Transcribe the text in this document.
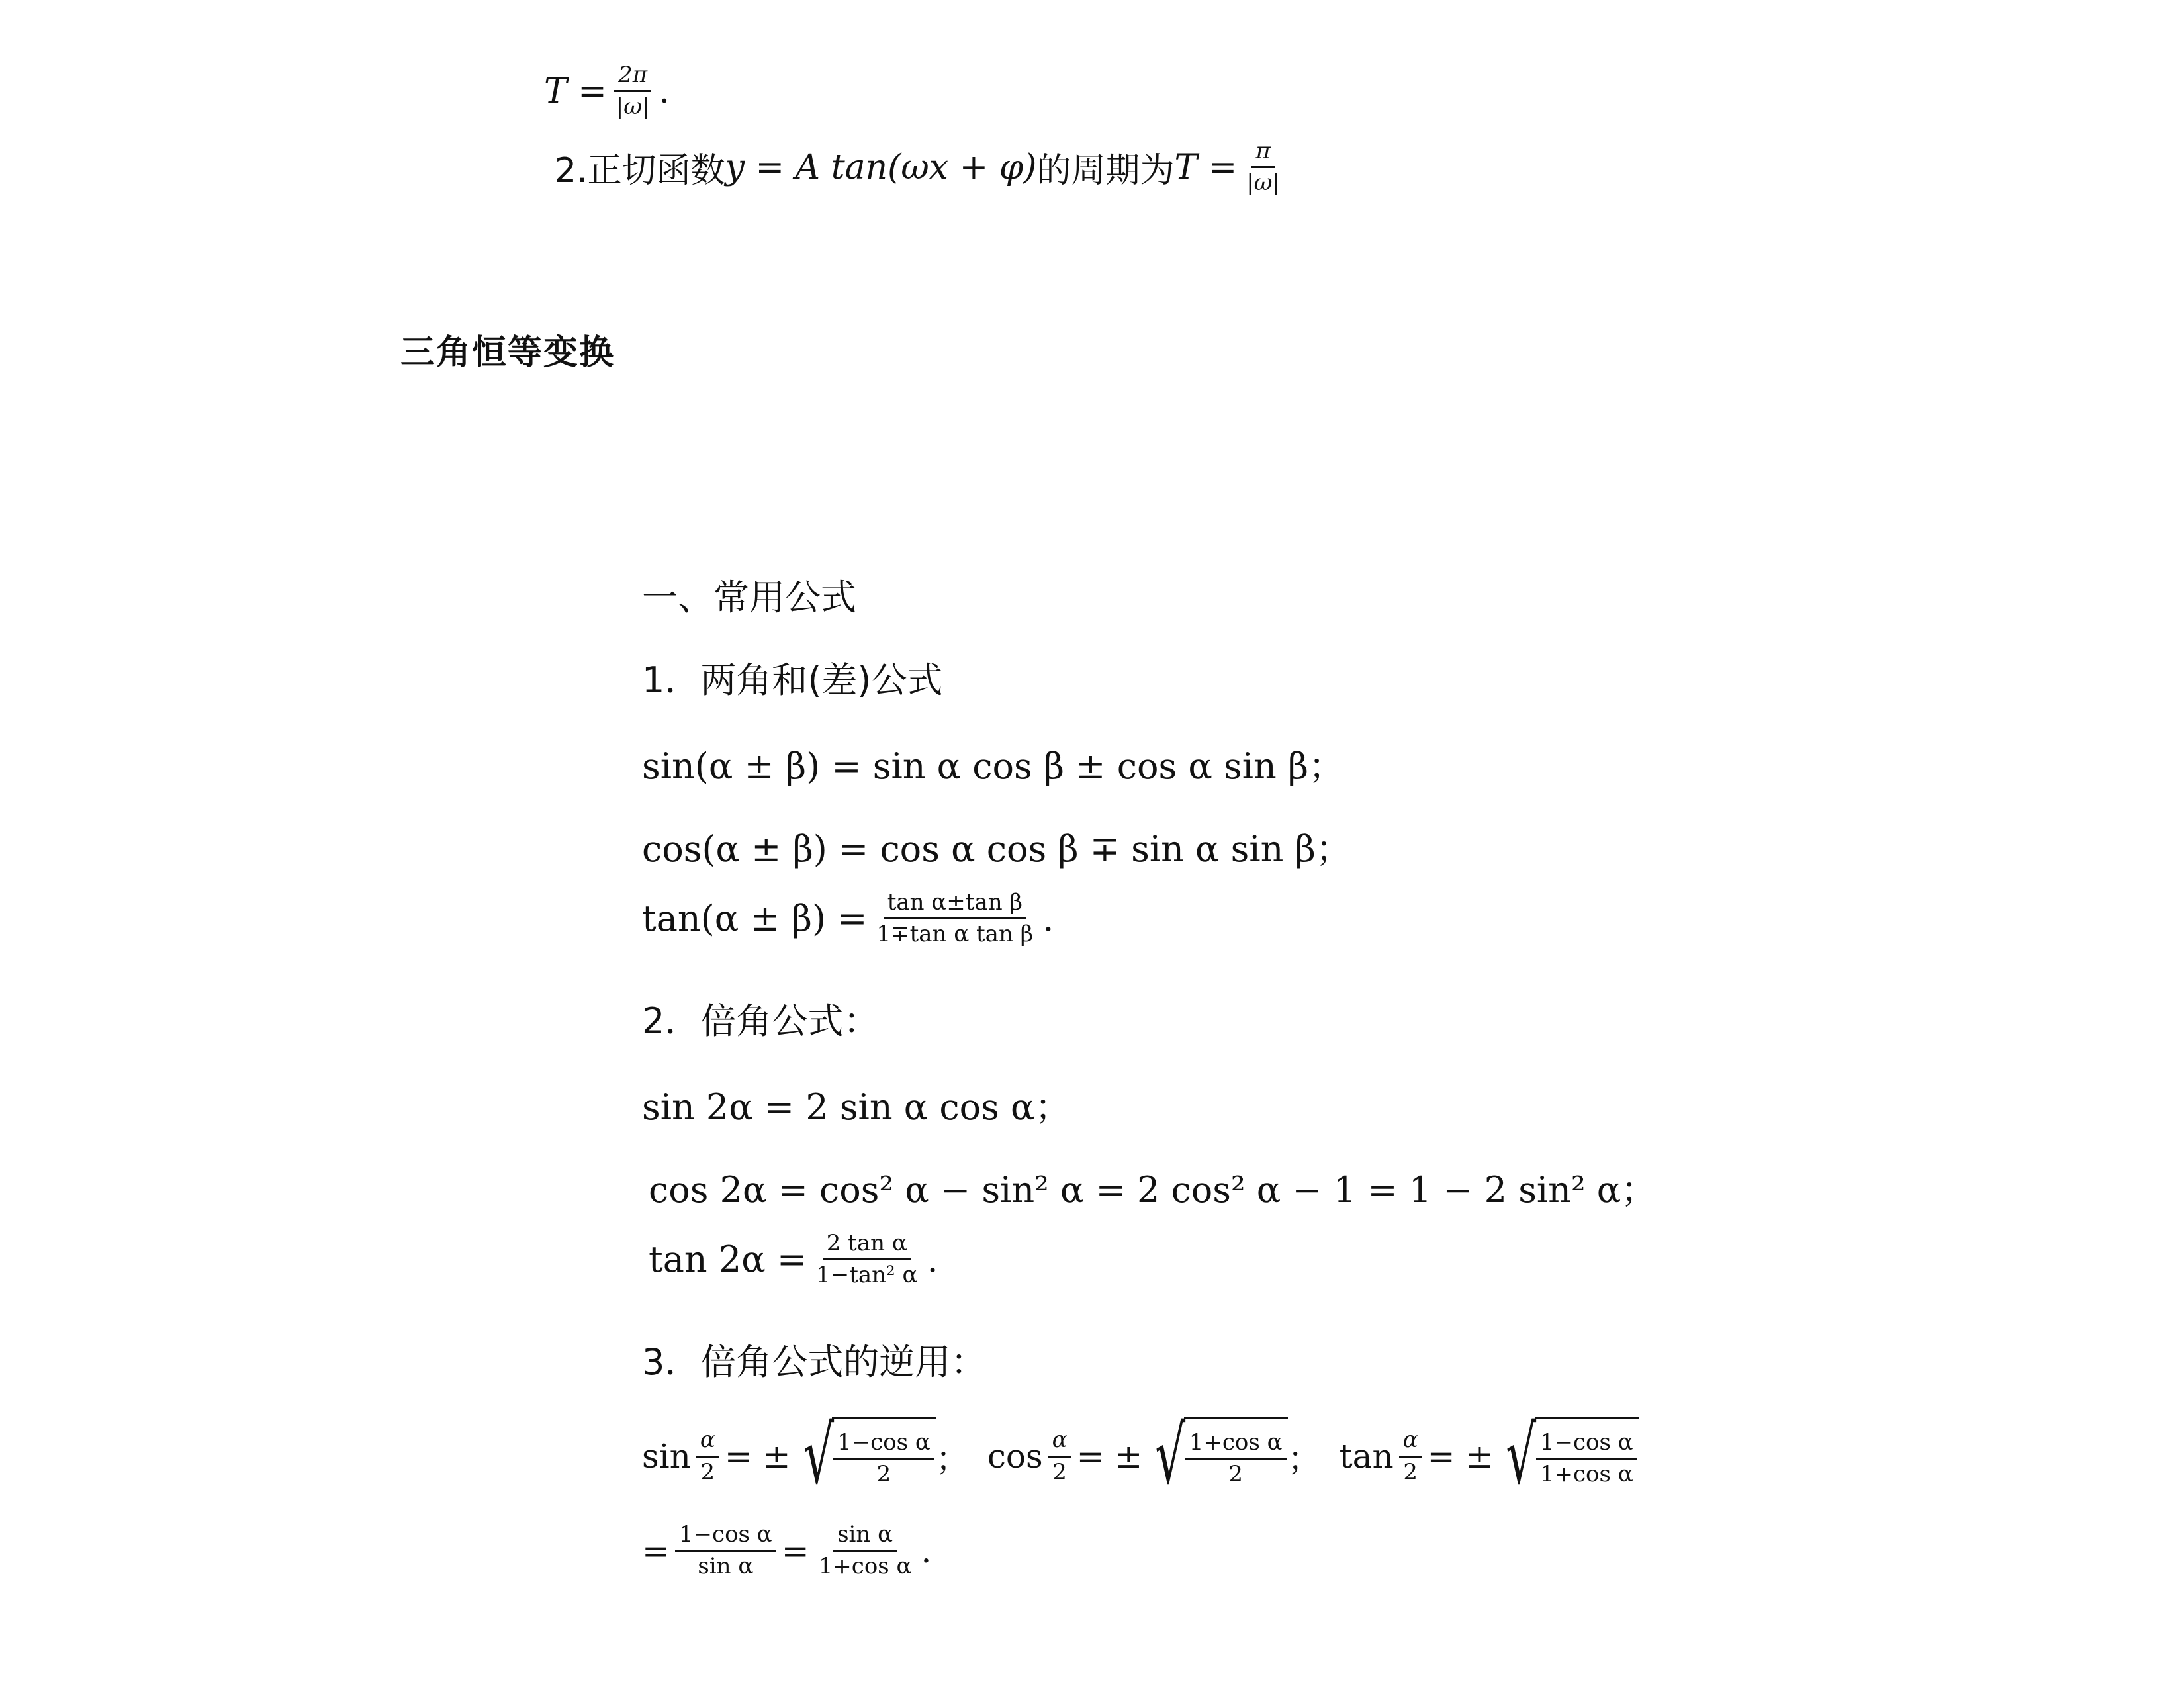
$T = \frac{2\pi}{|\omega|}$ .
2.正切函数 y = A tan(ωx + φ) 的周期为 $T = \frac{\pi}{|\omega|}$
三角恒等变换
一、常用公式
1．两角和(差)公式
sin(α ± β) = sin α cos β ± cos α sin β；
cos(α ± β) = cos α cos β ∓ sin α sin β；
$\tan(\alpha \pm \beta) = \frac{\text{tan α±tan β}}{\text{1∓tan α tan β}}$ .
2．倍角公式：
sin 2α = 2 sin α cos α；
cos 2α = cos² α − sin² α = 2 cos² α − 1 = 1 − 2 sin² α；
$\tan 2\alpha = \frac{\text{2 tan α}}{\text{1−tan² α}}$ .
3．倍角公式的逆用：
$\sin \frac{\alpha}{2}$ = ± √ $\frac{\text{1−cos α}}{2}$ ； $\cos \frac{\alpha}{2}$ = ± √ $\frac{\text{1+cos α}}{2}$ ； $\tan \frac{\alpha}{2}$ = ± √ $\frac{\text{1−cos α}}{\text{1+cos α}}$
= $\frac{\text{1−cos α}}{\text{sin α}} = \frac{\text{sin α}}{\text{1+cos α}}$ .
